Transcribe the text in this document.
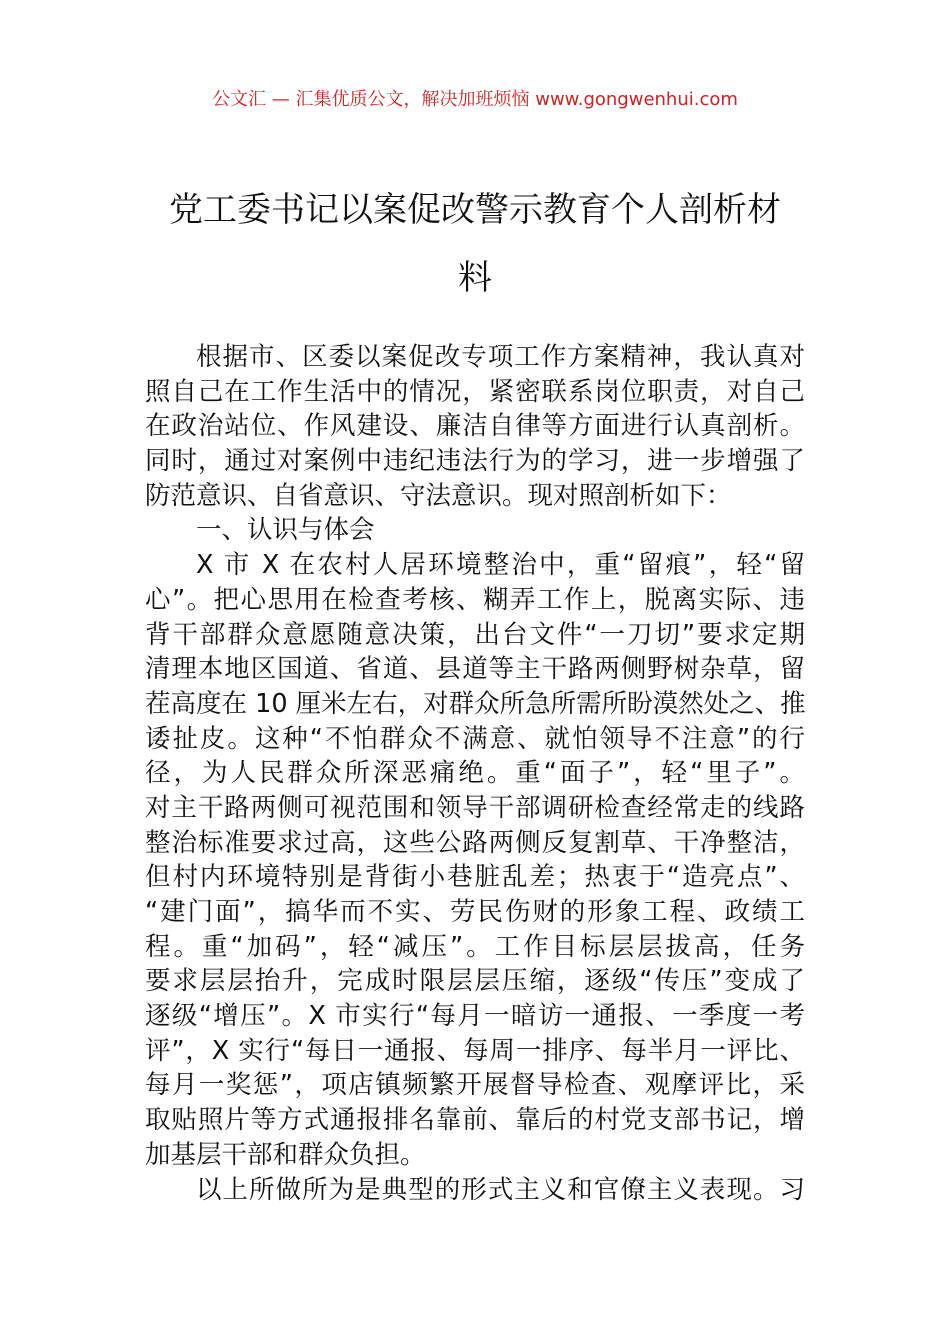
公文汇 — 汇集优质公文，解决加班烦恼 www.gongwenhui.com
党工委书记以案促改警示教育个人剖析材
料
根据市、区委以案促改专项工作方案精神，我认真对
照自己在工作生活中的情况，紧密联系岗位职责，对自己
在政治站位、作风建设、廉洁自律等方面进行认真剖析。
同时，通过对案例中违纪违法行为的学习，进一步增强了
防范意识、自省意识、守法意识。现对照剖析如下：
一、认识与体会
X 市 X 在农村人居环境整治中，重“留痕”，轻“留
心”。把心思用在检查考核、糊弄工作上，脱离实际、违
背干部群众意愿随意决策，出台文件“一刀切”要求定期
清理本地区国道、省道、县道等主干路两侧野树杂草，留
茬高度在 10 厘米左右，对群众所急所需所盼漠然处之、推
诿扯皮。这种“不怕群众不满意、就怕领导不注意”的行
径，为人民群众所深恶痛绝。重“面子”，轻“里子”。
对主干路两侧可视范围和领导干部调研检查经常走的线路
整治标准要求过高，这些公路两侧反复割草、干净整洁，
但村内环境特别是背街小巷脏乱差；热衷于“造亮点”、
“建门面”，搞华而不实、劳民伤财的形象工程、政绩工
程。重“加码”，轻“减压”。工作目标层层拔高，任务
要求层层抬升，完成时限层层压缩，逐级“传压”变成了
逐级“增压”。X 市实行“每月一暗访一通报、一季度一考
评”，X 实行“每日一通报、每周一排序、每半月一评比、
每月一奖惩”，项店镇频繁开展督导检查、观摩评比，采
取贴照片等方式通报排名靠前、靠后的村党支部书记，增
加基层干部和群众负担。
以上所做所为是典型的形式主义和官僚主义表现。习
